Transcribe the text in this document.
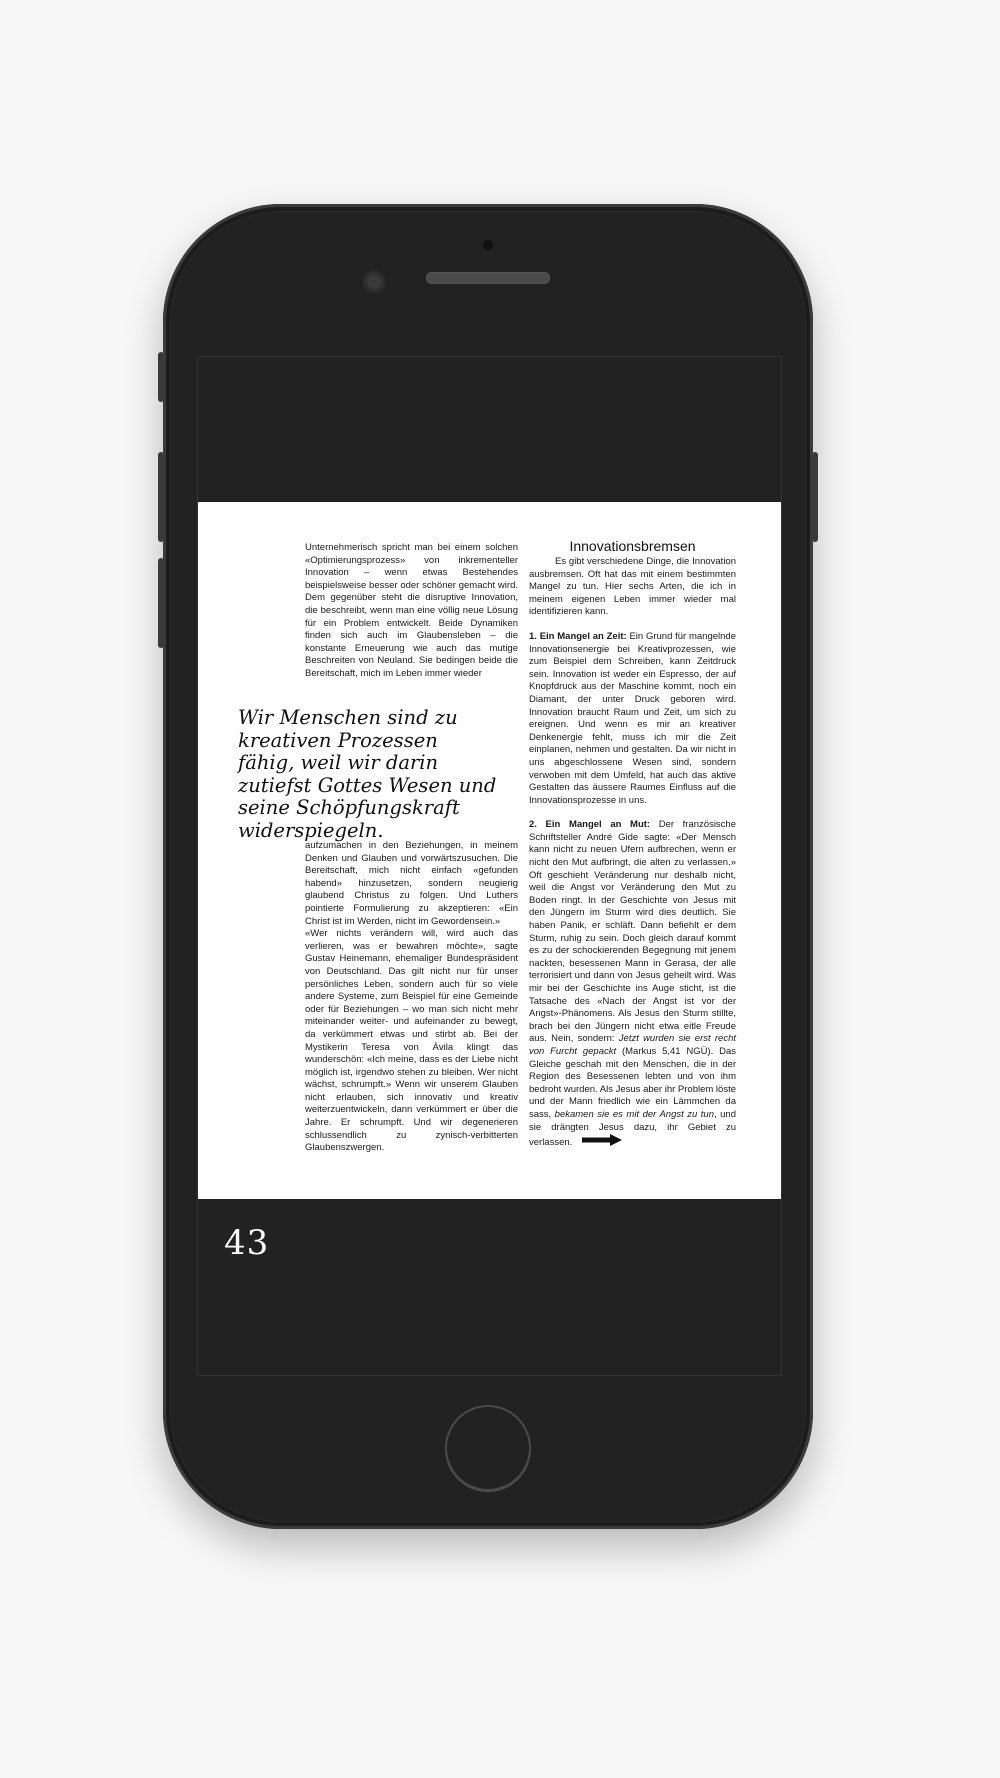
Unternehmerisch spricht man bei einem solchen «Optimierungsprozess» von inkrementeller Innovation – wenn etwas Bestehendes beispielsweise besser oder schöner gemacht wird. Dem gegenüber steht die disruptive Innovation, die beschreibt, wenn man eine völlig neue Lösung für ein Problem entwickelt. Beide Dynamiken finden sich auch im Glaubensleben – die konstante Erneuerung wie auch das mutige Beschreiten von Neuland. Sie bedingen beide die Bereitschaft, mich im Leben immer wieder

Wir Menschen sind zu kreativen Prozessen fähig, weil wir darin zutiefst Gottes Wesen und seine Schöpfungskraft widerspiegeln.

aufzumachen in den Beziehungen, in meinem Denken und Glauben und vorwärtszusuchen. Die Bereitschaft, mich nicht einfach «gefunden habend» hinzusetzen, sondern neugierig glaubend Christus zu folgen. Und Luthers pointierte Formulierung zu akzeptieren: «Ein Christ ist im Werden, nicht im Gewordensein.»

«Wer nichts verändern will, wird auch das verlieren, was er bewahren möchte», sagte Gustav Heinemann, ehemaliger Bundespräsident von Deutschland. Das gilt nicht nur für unser persönliches Leben, sondern auch für so viele andere Systeme, zum Beispiel für eine Gemeinde oder für Beziehungen – wo man sich nicht mehr miteinander weiter- und aufeinander zu bewegt, da verkümmert etwas und stirbt ab. Bei der Mystikerin Teresa von Ávila klingt das wunderschön: «Ich meine, dass es der Liebe nicht möglich ist, irgendwo stehen zu bleiben. Wer nicht wächst, schrumpft.» Wenn wir unserem Glauben nicht erlauben, sich innovativ und kreativ weiterzuentwickeln, dann verkümmert er über die Jahre. Er schrumpft. Und wir degenerieren schlussendlich zu zynisch-verbitterten Glaubenszwergen.

Innovationsbremsen

Es gibt verschiedene Dinge, die Innovation ausbremsen. Oft hat das mit einem bestimmten Mangel zu tun. Hier sechs Arten, die ich in meinem eigenen Leben immer wieder mal identifizieren kann.

1. Ein Mangel an Zeit: Ein Grund für mangelnde Innovationsenergie bei Kreativprozessen, wie zum Beispiel dem Schreiben, kann Zeitdruck sein. Innovation ist weder ein Espresso, der auf Knopfdruck aus der Maschine kommt, noch ein Diamant, der unter Druck geboren wird. Innovation braucht Raum und Zeit, um sich zu ereignen. Und wenn es mir an kreativer Denkenergie fehlt, muss ich mir die Zeit einplanen, nehmen und gestalten. Da wir nicht in uns abgeschlossene Wesen sind, sondern verwoben mit dem Umfeld, hat auch das aktive Gestalten das äussere Raumes Einfluss auf die Innovationsprozesse in uns.

2. Ein Mangel an Mut: Der französische Schriftsteller André Gide sagte: «Der Mensch kann nicht zu neuen Ufern aufbrechen, wenn er nicht den Mut aufbringt, die alten zu verlassen.» Oft geschieht Veränderung nur deshalb nicht, weil die Angst vor Veränderung den Mut zu Boden ringt. In der Geschichte von Jesus mit den Jüngern im Sturm wird dies deutlich. Sie haben Panik, er schläft. Dann befiehlt er dem Sturm, ruhig zu sein. Doch gleich darauf kommt es zu der schockierenden Begegnung mit jenem nackten, besessenen Mann in Gerasa, der alle terrorisiert und dann von Jesus geheilt wird. Was mir bei der Geschichte ins Auge sticht, ist die Tatsache des «Nach der Angst ist vor der Angst»-Phänomens. Als Jesus den Sturm stillte, brach bei den Jüngern nicht etwa eitle Freude aus. Nein, sondern: Jetzt wurden sie erst recht von Furcht gepackt (Markus 5,41 NGÜ). Das Gleiche geschah mit den Menschen, die in der Region des Besessenen lebten und von ihm bedroht wurden. Als Jesus aber ihr Problem löste und der Mann friedlich wie ein Lämmchen da sass, bekamen sie es mit der Angst zu tun, und sie drängten Jesus dazu, ihr Gebiet zu verlassen.

43
